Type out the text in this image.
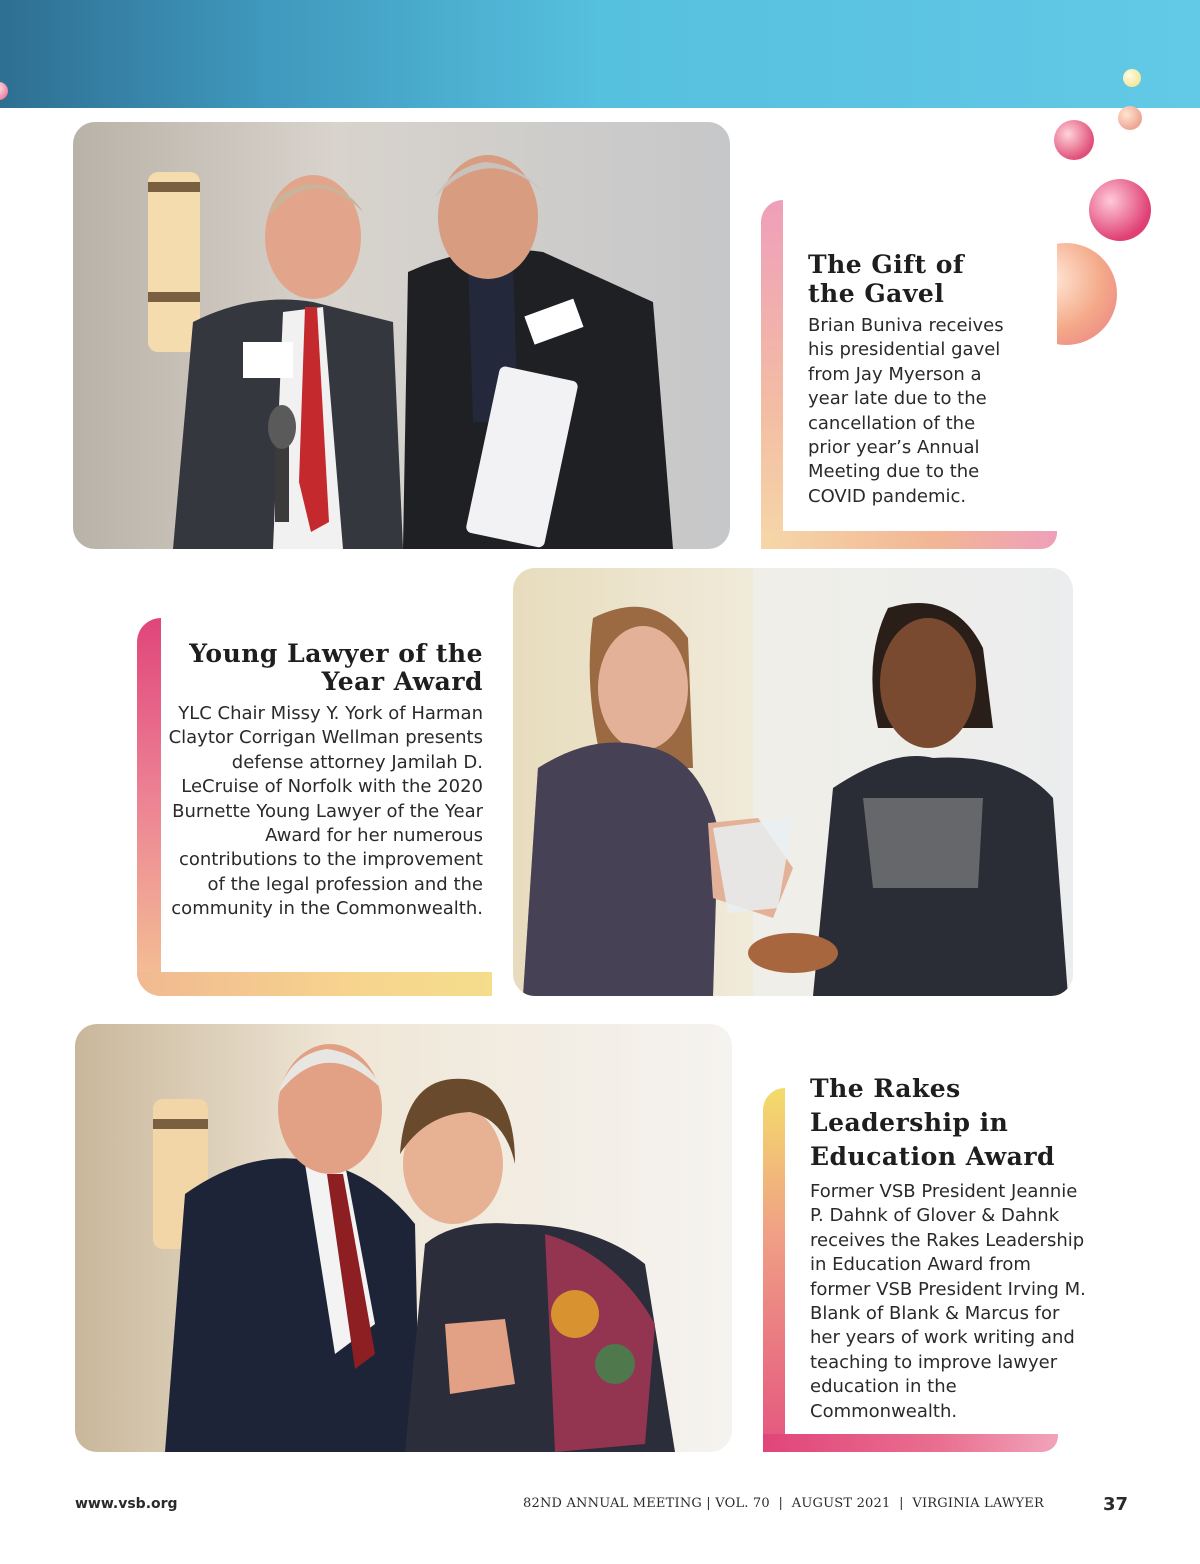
The Gift of the Gavel

Brian Buniva receives his presidential gavel from Jay Myerson a year late due to the cancellation of the prior year’s Annual Meeting due to the COVID pandemic.

Young Lawyer of the Year Award

YLC Chair Missy Y. York of Harman Claytor Corrigan Wellman presents defense attorney Jamilah D. LeCruise of Norfolk with the 2020 Burnette Young Lawyer of the Year Award for her numerous contributions to the improvement of the legal profession and the community in the Commonwealth.

The Rakes Leadership in Education Award

Former VSB President Jeannie P. Dahnk of Glover & Dahnk receives the Rakes Leadership in Education Award from former VSB President Irving M. Blank of Blank & Marcus for her years of work writing and teaching to improve lawyer education in the Commonwealth.

www.vsb.org	82ND ANNUAL MEETING | VOL. 70  |  AUGUST 2021  |  VIRGINIA LAWYER	37
